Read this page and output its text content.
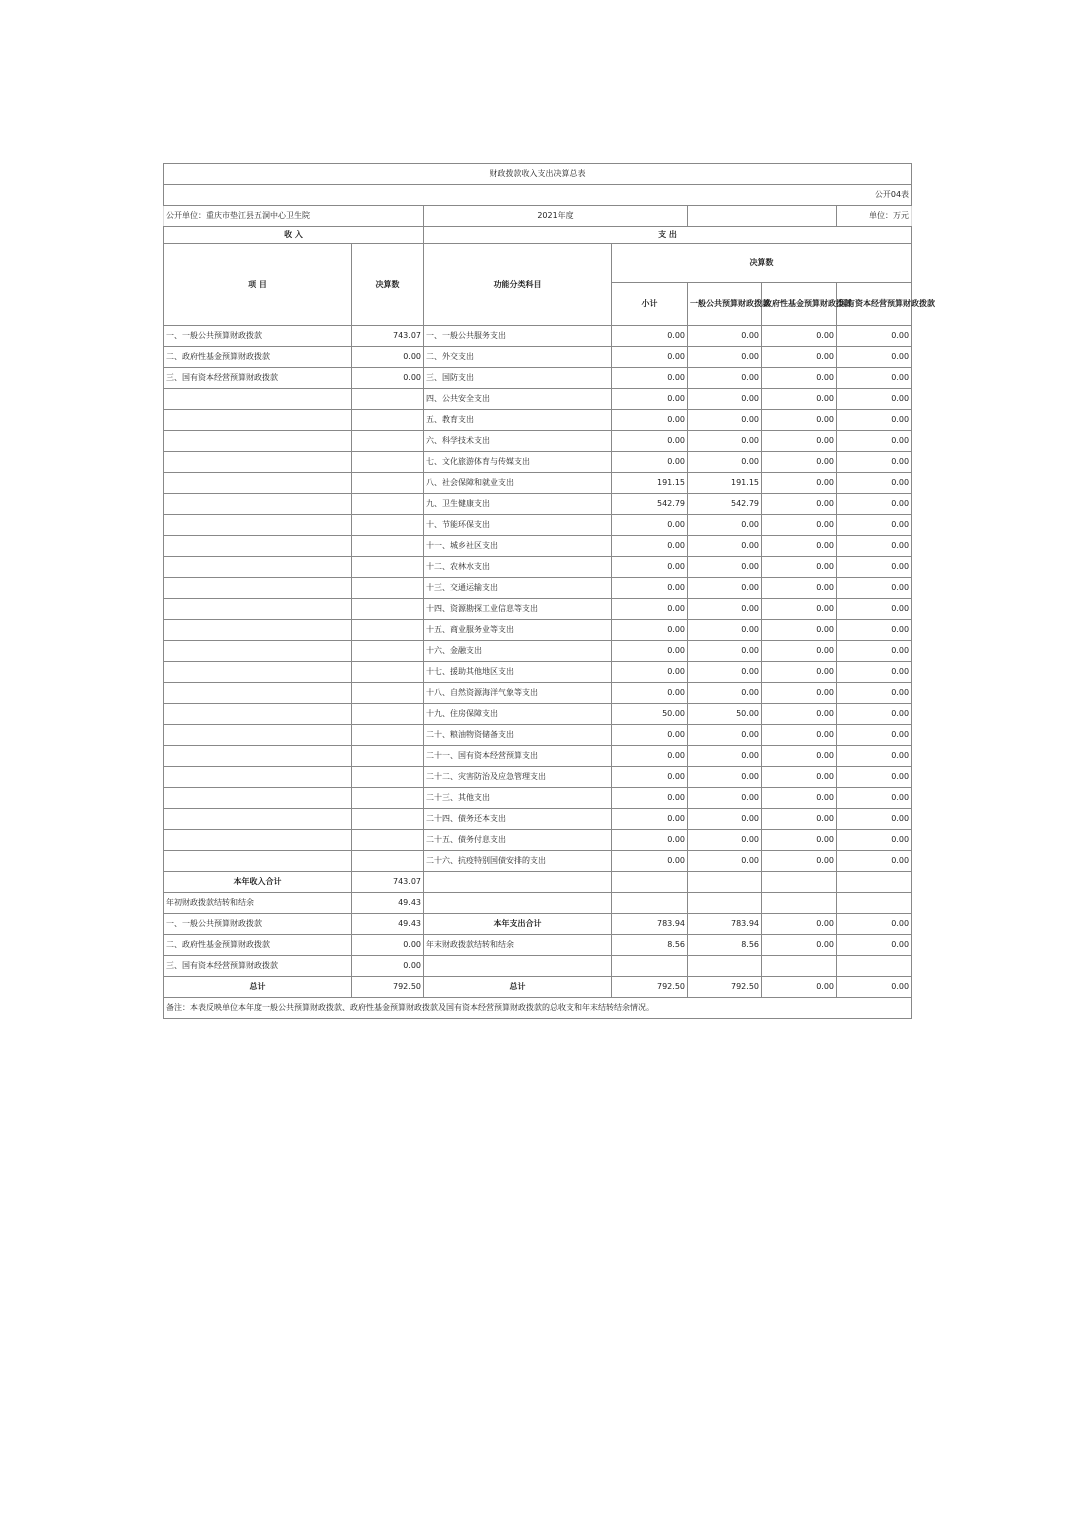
财政拨款收入支出决算总表						
						公开04表
公开单位：重庆市垫江县五洞中心卫生院		2021年度				单位：万元
收 入		支 出				
项 目	决算数	功能分类科目	决算数			
			小计	一般公共预算财政拨款	政府性基金预算财政拨款	国有资本经营预算财政拨款
一、一般公共预算财政拨款	743.07	一、一般公共服务支出	0.00	0.00	0.00	0.00
二、政府性基金预算财政拨款	0.00	二、外交支出	0.00	0.00	0.00	0.00
三、国有资本经营预算财政拨款	0.00	三、国防支出	0.00	0.00	0.00	0.00
		四、公共安全支出	0.00	0.00	0.00	0.00
		五、教育支出	0.00	0.00	0.00	0.00
		六、科学技术支出	0.00	0.00	0.00	0.00
		七、文化旅游体育与传媒支出	0.00	0.00	0.00	0.00
		八、社会保障和就业支出	191.15	191.15	0.00	0.00
		九、卫生健康支出	542.79	542.79	0.00	0.00
		十、节能环保支出	0.00	0.00	0.00	0.00
		十一、城乡社区支出	0.00	0.00	0.00	0.00
		十二、农林水支出	0.00	0.00	0.00	0.00
		十三、交通运输支出	0.00	0.00	0.00	0.00
		十四、资源勘探工业信息等支出	0.00	0.00	0.00	0.00
		十五、商业服务业等支出	0.00	0.00	0.00	0.00
		十六、金融支出	0.00	0.00	0.00	0.00
		十七、援助其他地区支出	0.00	0.00	0.00	0.00
		十八、自然资源海洋气象等支出	0.00	0.00	0.00	0.00
		十九、住房保障支出	50.00	50.00	0.00	0.00
		二十、粮油物资储备支出	0.00	0.00	0.00	0.00
		二十一、国有资本经营预算支出	0.00	0.00	0.00	0.00
		二十二、灾害防治及应急管理支出	0.00	0.00	0.00	0.00
		二十三、其他支出	0.00	0.00	0.00	0.00
		二十四、债务还本支出	0.00	0.00	0.00	0.00
		二十五、债务付息支出	0.00	0.00	0.00	0.00
		二十六、抗疫特别国债安排的支出	0.00	0.00	0.00	0.00
本年收入合计	743.07					
年初财政拨款结转和结余	49.43					
一、一般公共预算财政拨款	49.43	本年支出合计	783.94	783.94	0.00	0.00
二、政府性基金预算财政拨款	0.00	年末财政拨款结转和结余	8.56	8.56	0.00	0.00
三、国有资本经营预算财政拨款	0.00					
总计	792.50	总计	792.50	792.50	0.00	0.00
备注：本表反映单位本年度一般公共预算财政拨款、政府性基金预算财政拨款及国有资本经营预算财政拨款的总收支和年末结转结余情况。						
